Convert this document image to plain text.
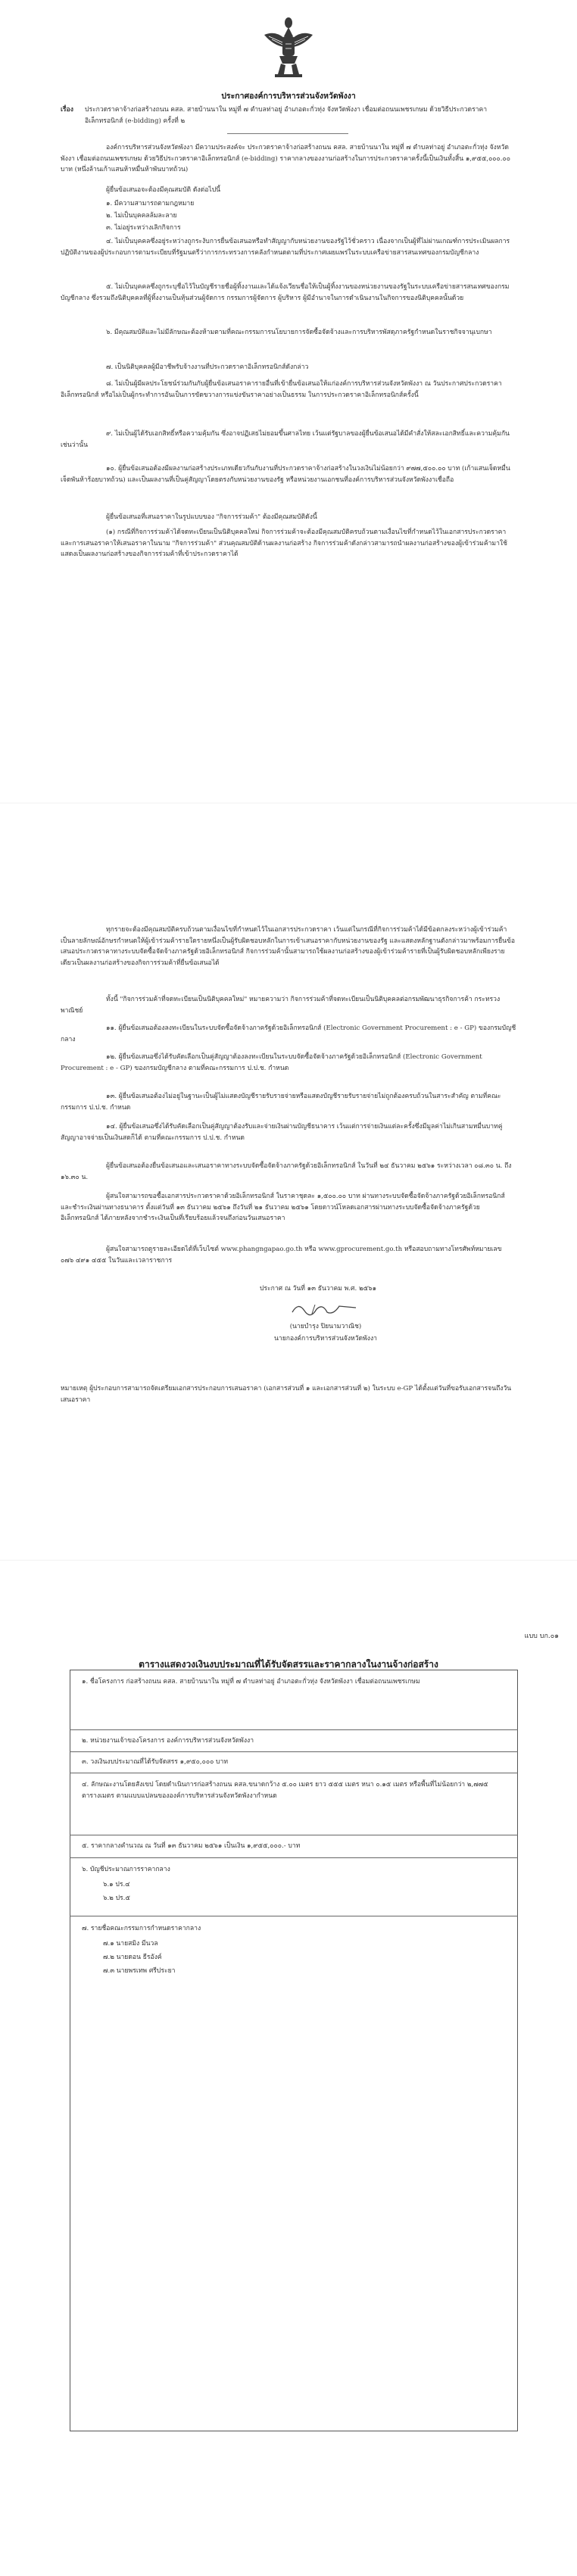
ประกาศองค์การบริหารส่วนจังหวัดพังงา
เรื่อง	ประกวดราคาจ้างก่อสร้างถนน คสล. สายบ้านนาใน หมู่ที่ ๗ ตำบลท่าอยู่ อำเภอตะกั่วทุ่ง จังหวัดพังงา เชื่อมต่อถนนเพชรเกษม ด้วยวิธีประกวดราคาอิเล็กทรอนิกส์ (e-bidding) ครั้งที่ ๒
องค์การบริหารส่วนจังหวัดพังงา มีความประสงค์จะ ประกวดราคาจ้างก่อสร้างถนน คสล. สายบ้านนาใน หมู่ที่ ๗ ตำบลท่าอยู่ อำเภอตะกั่วทุ่ง จังหวัดพังงา เชื่อมต่อถนนเพชรเกษม ด้วยวิธีประกวดราคาอิเล็กทรอนิกส์ (e-bidding) ราคากลางของงานก่อสร้างในการประกวดราคาครั้งนี้เป็นเงินทั้งสิ้น ๑,๙๕๕,๐๐๐.๐๐ บาท (หนึ่งล้านเก้าแสนห้าหมื่นห้าพันบาทถ้วน)
ผู้ยื่นข้อเสนอจะต้องมีคุณสมบัติ ดังต่อไปนี้
๑. มีความสามารถตามกฎหมาย
๒. ไม่เป็นบุคคลล้มละลาย
๓. ไม่อยู่ระหว่างเลิกกิจการ
๔. ไม่เป็นบุคคลซึ่งอยู่ระหว่างถูกระงับการยื่นข้อเสนอหรือทำสัญญากับหน่วยงานของรัฐไว้ชั่วคราว เนื่องจากเป็นผู้ที่ไม่ผ่านเกณฑ์การประเมินผลการปฏิบัติงานของผู้ประกอบการตามระเบียบที่รัฐมนตรีว่าการกระทรวงการคลังกำหนดตามที่ประกาศเผยแพร่ในระบบเครือข่ายสารสนเทศของกรมบัญชีกลาง
๕. ไม่เป็นบุคคลซึ่งถูกระบุชื่อไว้ในบัญชีรายชื่อผู้ทิ้งงานและได้แจ้งเวียนชื่อให้เป็นผู้ทิ้งงานของหน่วยงานของรัฐในระบบเครือข่ายสารสนเทศของกรมบัญชีกลาง ซึ่งรวมถึงนิติบุคคลที่ผู้ทิ้งงานเป็นหุ้นส่วนผู้จัดการ กรรมการผู้จัดการ ผู้บริหาร ผู้มีอำนาจในการดำเนินงานในกิจการของนิติบุคคลนั้นด้วย
๖. มีคุณสมบัติและไม่มีลักษณะต้องห้ามตามที่คณะกรรมการนโยบายการจัดซื้อจัดจ้างและการบริหารพัสดุภาครัฐกำหนดในราชกิจจานุเบกษา
๗. เป็นนิติบุคคลผู้มีอาชีพรับจ้างงานที่ประกวดราคาอิเล็กทรอนิกส์ดังกล่าว
๘. ไม่เป็นผู้มีผลประโยชน์ร่วมกันกับผู้ยื่นข้อเสนอราคารายอื่นที่เข้ายื่นข้อเสนอให้แก่องค์การบริหารส่วนจังหวัดพังงา ณ วันประกาศประกวดราคาอิเล็กทรอนิกส์ หรือไม่เป็นผู้กระทำการอันเป็นการขัดขวางการแข่งขันราคาอย่างเป็นธรรม ในการประกวดราคาอิเล็กทรอนิกส์ครั้งนี้
๙. ไม่เป็นผู้ได้รับเอกสิทธิ์หรือความคุ้มกัน ซึ่งอาจปฏิเสธไม่ยอมขึ้นศาลไทย เว้นแต่รัฐบาลของผู้ยื่นข้อเสนอได้มีคำสั่งให้สละเอกสิทธิ์และความคุ้มกันเช่นว่านั้น
๑๐. ผู้ยื่นข้อเสนอต้องมีผลงานก่อสร้างประเภทเดียวกันกับงานที่ประกวดราคาจ้างก่อสร้างในวงเงินไม่น้อยกว่า ๙๗๗,๕๐๐.๐๐ บาท (เก้าแสนเจ็ดหมื่นเจ็ดพันห้าร้อยบาทถ้วน) และเป็นผลงานที่เป็นคู่สัญญาโดยตรงกับหน่วยงานของรัฐ หรือหน่วยงานเอกชนที่องค์การบริหารส่วนจังหวัดพังงาเชื่อถือ
ผู้ยื่นข้อเสนอที่เสนอราคาในรูปแบบของ "กิจการร่วมค้า" ต้องมีคุณสมบัติดังนี้
(๑) กรณีที่กิจการร่วมค้าได้จดทะเบียนเป็นนิติบุคคลใหม่ กิจการร่วมค้าจะต้องมีคุณสมบัติครบถ้วนตามเงื่อนไขที่กำหนดไว้ในเอกสารประกวดราคา และการเสนอราคาให้เสนอราคาในนาม "กิจการร่วมค้า" ส่วนคุณสมบัติด้านผลงานก่อสร้าง กิจการร่วมค้าดังกล่าวสามารถนำผลงานก่อสร้างของผู้เข้าร่วมค้ามาใช้แสดงเป็นผลงานก่อสร้างของกิจการร่วมค้าที่เข้าประกวดราคาได้
ทุกรายจะต้องมีคุณสมบัติครบถ้วนตามเงื่อนไขที่กำหนดไว้ในเอกสารประกวดราคา เว้นแต่ในกรณีที่กิจการร่วมค้าได้มีข้อตกลงระหว่างผู้เข้าร่วมค้าเป็นลายลักษณ์อักษรกำหนดให้ผู้เข้าร่วมค้ารายใดรายหนึ่งเป็นผู้รับผิดชอบหลักในการเข้าเสนอราคากับหน่วยงานของรัฐ และแสดงหลักฐานดังกล่าวมาพร้อมการยื่นข้อเสนอประกวดราคาทางระบบจัดซื้อจัดจ้างภาครัฐด้วยอิเล็กทรอนิกส์ กิจการร่วมค้านั้นสามารถใช้ผลงานก่อสร้างของผู้เข้าร่วมค้ารายที่เป็นผู้รับผิดชอบหลักเพียงรายเดียวเป็นผลงานก่อสร้างของกิจการร่วมค้าที่ยื่นข้อเสนอได้
ทั้งนี้ "กิจการร่วมค้าที่จดทะเบียนเป็นนิติบุคคลใหม่" หมายความว่า กิจการร่วมค้าที่จดทะเบียนเป็นนิติบุคคลต่อกรมพัฒนาธุรกิจการค้า กระทรวงพาณิชย์
๑๑. ผู้ยื่นข้อเสนอต้องลงทะเบียนในระบบจัดซื้อจัดจ้างภาครัฐด้วยอิเล็กทรอนิกส์ (Electronic Government Procurement : e - GP) ของกรมบัญชีกลาง
๑๒. ผู้ยื่นข้อเสนอซึ่งได้รับคัดเลือกเป็นคู่สัญญาต้องลงทะเบียนในระบบจัดซื้อจัดจ้างภาครัฐด้วยอิเล็กทรอนิกส์ (Electronic Government Procurement : e - GP) ของกรมบัญชีกลาง ตามที่คณะกรรมการ ป.ป.ช. กำหนด
๑๓. ผู้ยื่นข้อเสนอต้องไม่อยู่ในฐานะเป็นผู้ไม่แสดงบัญชีรายรับรายจ่ายหรือแสดงบัญชีรายรับรายจ่ายไม่ถูกต้องครบถ้วนในสาระสำคัญ ตามที่คณะกรรมการ ป.ป.ช. กำหนด
๑๔. ผู้ยื่นข้อเสนอซึ่งได้รับคัดเลือกเป็นคู่สัญญาต้องรับและจ่ายเงินผ่านบัญชีธนาคาร เว้นแต่การจ่ายเงินแต่ละครั้งซึ่งมีมูลค่าไม่เกินสามหมื่นบาทคู่สัญญาอาจจ่ายเป็นเงินสดก็ได้ ตามที่คณะกรรมการ ป.ป.ช. กำหนด
ผู้ยื่นข้อเสนอต้องยื่นข้อเสนอและเสนอราคาทางระบบจัดซื้อจัดจ้างภาครัฐด้วยอิเล็กทรอนิกส์ ในวันที่ ๒๔ ธันวาคม ๒๕๖๑ ระหว่างเวลา ๐๘.๓๐ น. ถึง ๑๖.๓๐ น.
ผู้สนใจสามารถขอซื้อเอกสารประกวดราคาด้วยอิเล็กทรอนิกส์ ในราคาชุดละ ๑,๕๐๐.๐๐ บาท ผ่านทางระบบจัดซื้อจัดจ้างภาครัฐด้วยอิเล็กทรอนิกส์และชำระเงินผ่านทางธนาคาร ตั้งแต่วันที่ ๑๓ ธันวาคม ๒๕๖๑ ถึงวันที่ ๒๑ ธันวาคม ๒๕๖๑ โดยดาวน์โหลดเอกสารผ่านทางระบบจัดซื้อจัดจ้างภาครัฐด้วยอิเล็กทรอนิกส์ ได้ภายหลังจากชำระเงินเป็นที่เรียบร้อยแล้วจนถึงก่อนวันเสนอราคา
ผู้สนใจสามารถดูรายละเอียดได้ที่เว็บไซต์ www.phangngapao.go.th หรือ www.gprocurement.go.th หรือสอบถามทางโทรศัพท์หมายเลข ๐๗๖ ๔๙๑ ๔๕๕ ในวันและเวลาราชการ
ประกาศ ณ วันที่ ๑๓ ธันวาคม พ.ศ. ๒๕๖๑
(นายบำรุง ปิยนามวาณิช)
นายกองค์การบริหารส่วนจังหวัดพังงา
หมายเหตุ ผู้ประกอบการสามารถจัดเตรียมเอกสารประกอบการเสนอราคา (เอกสารส่วนที่ ๑ และเอกสารส่วนที่ ๒) ในระบบ e-GP ได้ตั้งแต่วันที่ขอรับเอกสารจนถึงวันเสนอราคา
แบบ บก.๐๑
ตารางแสดงวงเงินงบประมาณที่ได้รับจัดสรรและราคากลางในงานจ้างก่อสร้าง
๑. ชื่อโครงการ ก่อสร้างถนน คสล. สายบ้านนาใน หมู่ที่ ๗ ตำบลท่าอยู่ อำเภอตะกั่วทุ่ง จังหวัดพังงา เชื่อมต่อถนนเพชรเกษม
๒. หน่วยงานเจ้าของโครงการ องค์การบริหารส่วนจังหวัดพังงา
๓. วงเงินงบประมาณที่ได้รับจัดสรร ๑,๙๕๐,๐๐๐ บาท
๔. ลักษณะงานโดยสังเขป โดยดำเนินการก่อสร้างถนน คสล.ขนาดกว้าง ๕.๐๐ เมตร ยาว ๕๕๕ เมตร หนา ๐.๑๕ เมตร หรือพื้นที่ไม่น้อยกว่า ๒,๗๗๕ ตารางเมตร ตามแบบแปลนขององค์การบริหารส่วนจังหวัดพังงากำหนด
๕. ราคากลางคำนวณ ณ วันที่ ๑๓ ธันวาคม ๒๕๖๑ เป็นเงิน ๑,๙๕๕,๐๐๐.- บาท
๖. บัญชีประมาณการราคากลาง
๖.๑ ปร.๔
๖.๒ ปร.๕
๗. รายชื่อคณะกรรมการกำหนดราคากลาง
๗.๑ นายสมิง มีนวล
๗.๒ นายดอน ธีรอังค์
๗.๓ นายพรเทพ ศรีประยา
